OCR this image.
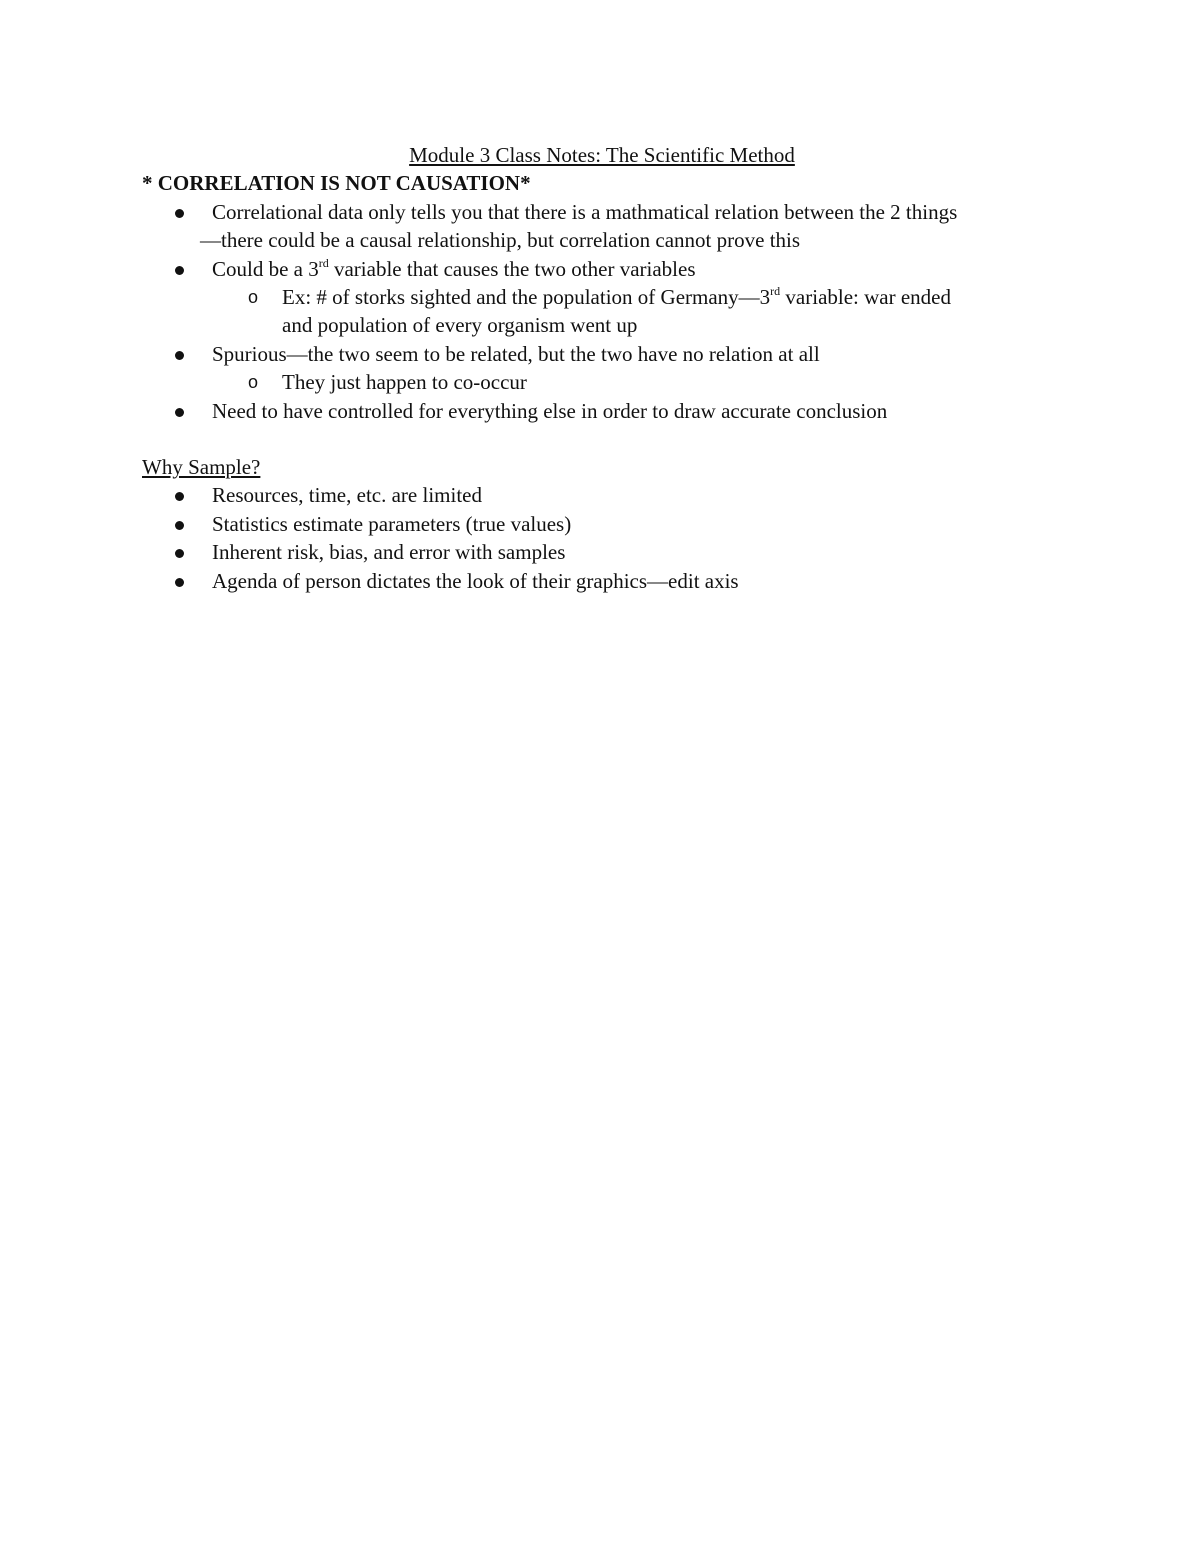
Module 3 Class Notes: The Scientific Method

* CORRELATION IS NOT CAUSATION*

Correlational data only tells you that there is a mathmatical relation between the 2 things
—there could be a causal relationship, but correlation cannot prove this
Could be a 3rd variable that causes the two other variables
o Ex: # of storks sighted and the population of Germany—3rd variable: war ended
and population of every organism went up
Spurious—the two seem to be related, but the two have no relation at all
o They just happen to co-occur
Need to have controlled for everything else in order to draw accurate conclusion

Why Sample?

Resources, time, etc. are limited
Statistics estimate parameters (true values)
Inherent risk, bias, and error with samples
Agenda of person dictates the look of their graphics—edit axis
